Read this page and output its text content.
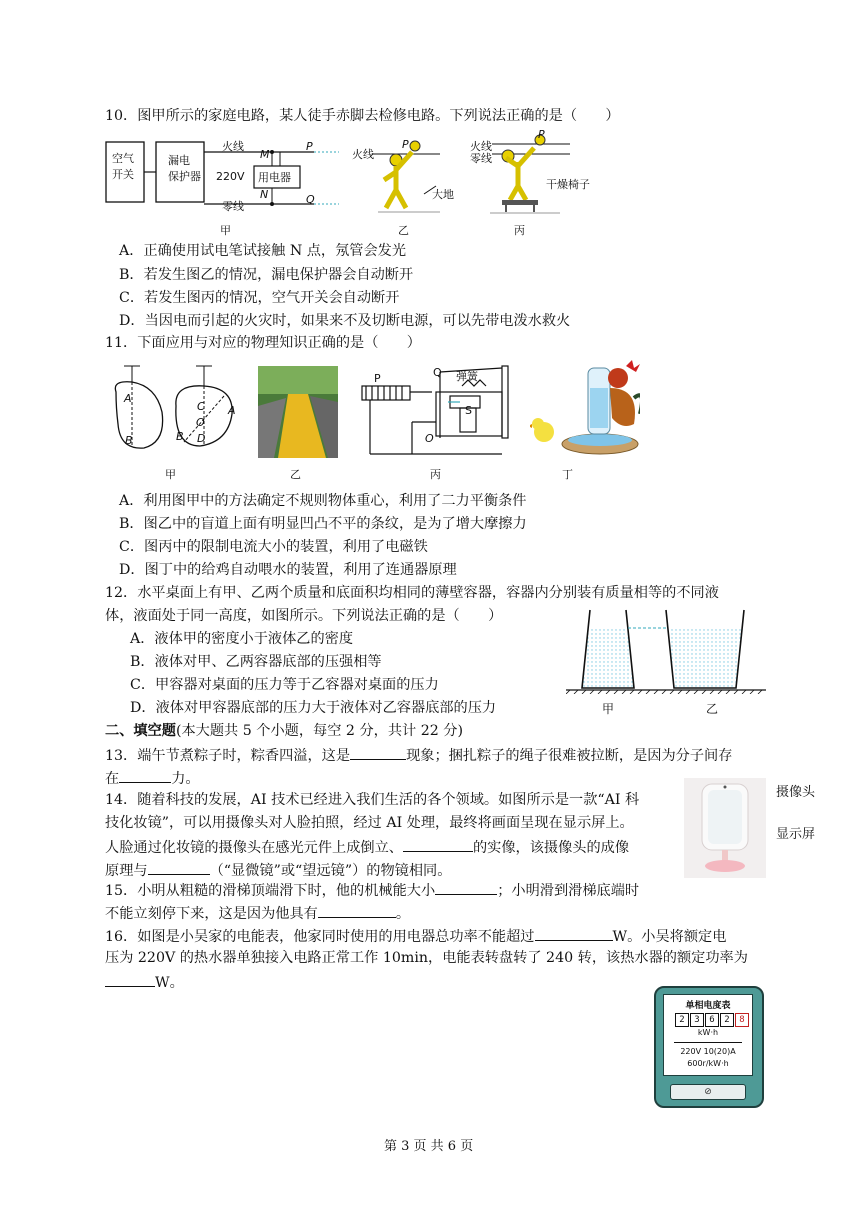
10．图甲所示的家庭电路，某人徒手赤脚去检修电路。下列说法正确的是（　　）
空气
开关
漏电
保护器
火线
220V
零线
M
N
用电器
P
Q
甲
火线
P
大地
乙
火线
零线
P
干燥椅子
丙
A．正确使用试电笔试接触 N 点，氖管会发光
B．若发生图乙的情况，漏电保护器会自动断开
C．若发生图丙的情况，空气开关会自动断开
D．当因电而引起的火灾时，如果来不及切断电源，可以先带电泼水救火
11．下面应用与对应的物理知识正确的是（　　）
A
B
C A
O
B D
甲	乙
P	Q 弹簧
S
O
丙	丁
A．利用图甲中的方法确定不规则物体重心，利用了二力平衡条件
B．图乙中的盲道上面有明显凹凸不平的条纹，是为了增大摩擦力
C．图丙中的限制电流大小的装置，利用了电磁铁
D．图丁中的给鸡自动喂水的装置，利用了连通器原理
12．水平桌面上有甲、乙两个质量和底面积均相同的薄壁容器，容器内分别装有质量相等的不同液
体，液面处于同一高度，如图所示。下列说法正确的是（　　）
A．液体甲的密度小于液体乙的密度
B．液体对甲、乙两容器底部的压强相等
C．甲容器对桌面的压力等于乙容器对桌面的压力
D．液体对甲容器底部的压力大于液体对乙容器底部的压力	甲	乙
二、填空题(本大题共 5 个小题，每空 2 分，共计 22 分)
13．端午节煮粽子时，粽香四溢，这是	现象；捆扎粽子的绳子很难被拉断，是因为分子间存
在	力。
14．随着科技的发展，AI 技术已经进入我们生活的各个领域。如图所示是一款“AI 科
技化妆镜”，可以用摄像头对人脸拍照，经过 AI 处理，最终将画面呈现在显示屏上。
人脸通过化妆镜的摄像头在感光元件上成倒立、	的实像，该摄像头的成像
原理与	（“显微镜”或“望远镜”）的物镜相同。
摄像头
显示屏
15．小明从粗糙的滑梯顶端滑下时，他的机械能大小	；小明滑到滑梯底端时
不能立刻停下来，这是因为他具有	。
16．如图是小吴家的电能表，他家同时使用的用电器总功率不能超过	W。小吴将额定电
压为 220V 的热水器单独接入电路正常工作 10min，电能表转盘转了 240 转，该热水器的额定功率为
W。
单相电度表
2	3	6	2	8
kW·h
220V 10(20)A
600r/kW·h
⊘
第 3 页 共 6 页
